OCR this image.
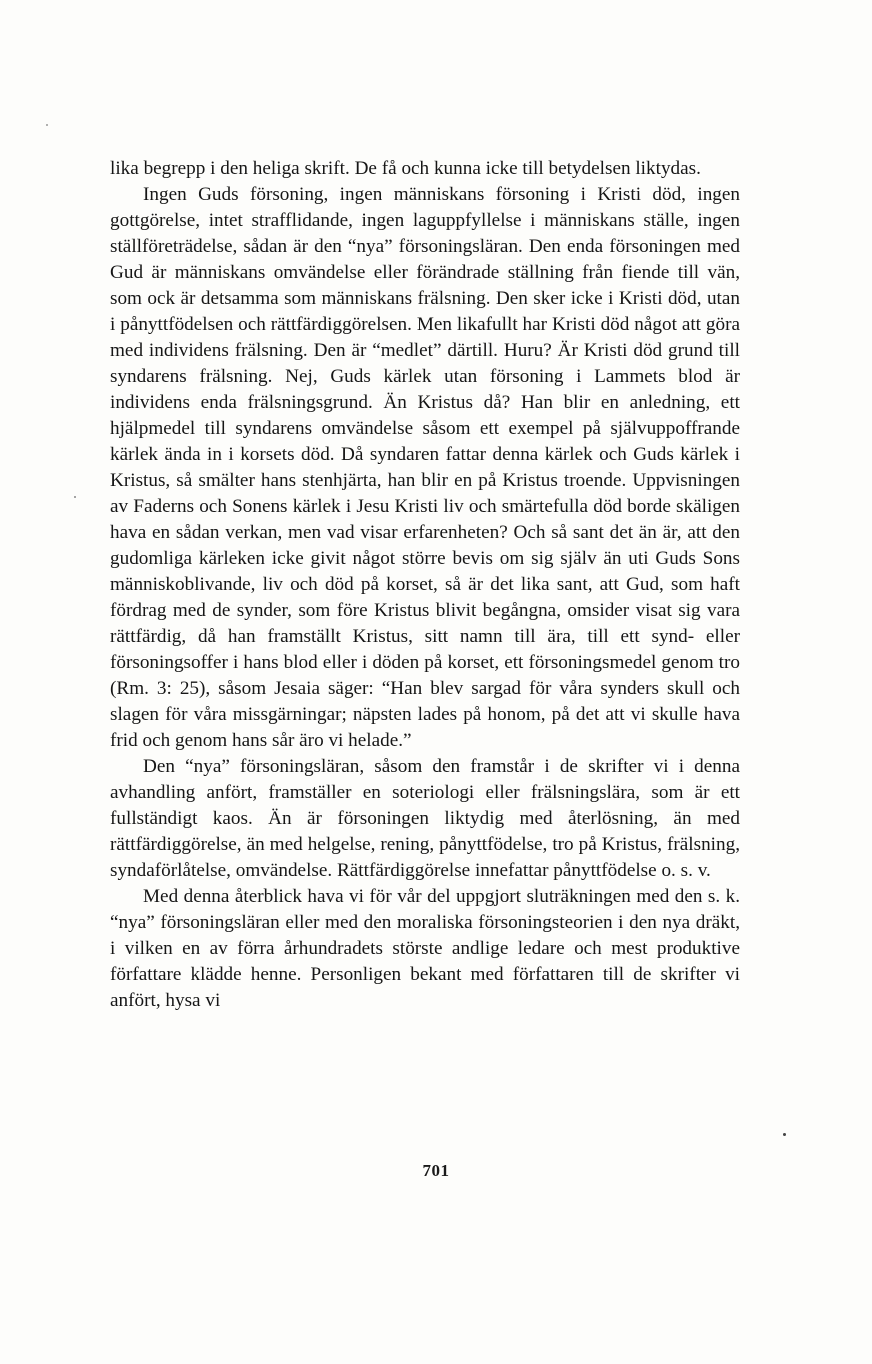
lika begrepp i den heliga skrift. De få och kunna icke till betydelsen liktydas.

Ingen Guds försoning, ingen människans försoning i Kristi död, ingen gottgörelse, intet strafflidande, ingen laguppfyllelse i människans ställe, ingen ställföreträdelse, sådan är den “nya” försoningsläran. Den enda försoningen med Gud är människans omvändelse eller förändrade ställning från fiende till vän, som ock är detsamma som människans frälsning. Den sker icke i Kristi död, utan i pånyttfödelsen och rättfärdiggörelsen. Men likafullt har Kristi död något att göra med individens frälsning. Den är “medlet” därtill. Huru? Är Kristi död grund till syndarens frälsning. Nej, Guds kärlek utan försoning i Lammets blod är individens enda frälsningsgrund. Än Kristus då? Han blir en anledning, ett hjälpmedel till syndarens omvändelse såsom ett exempel på självuppoffrande kärlek ända in i korsets död. Då syndaren fattar denna kärlek och Guds kärlek i Kristus, så smälter hans stenhjärta, han blir en på Kristus troende. Uppvisningen av Faderns och Sonens kärlek i Jesu Kristi liv och smärtefulla död borde skäligen hava en sådan verkan, men vad visar erfarenheten? Och så sant det än är, att den gudomliga kärleken icke givit något större bevis om sig själv än uti Guds Sons människoblivande, liv och död på korset, så är det lika sant, att Gud, som haft fördrag med de synder, som före Kristus blivit begångna, omsider visat sig vara rättfärdig, då han framställt Kristus, sitt namn till ära, till ett synd- eller försoningsoffer i hans blod eller i döden på korset, ett försoningsmedel genom tro (Rm. 3: 25), såsom Jesaia säger: “Han blev sargad för våra synders skull och slagen för våra missgärningar; näpsten lades på honom, på det att vi skulle hava frid och genom hans sår äro vi helade.”

Den “nya” försoningsläran, såsom den framstår i de skrifter vi i denna avhandling anfört, framställer en soteriologi eller frälsningslära, som är ett fullständigt kaos. Än är försoningen liktydig med återlösning, än med rättfärdiggörelse, än med helgelse, rening, pånyttfödelse, tro på Kristus, frälsning, syndaförlåtelse, omvändelse. Rättfärdiggörelse innefattar pånyttfödelse o. s. v.

Med denna återblick hava vi för vår del uppgjort sluträkningen med den s. k. “nya” försoningsläran eller med den moraliska försoningsteorien i den nya dräkt, i vilken en av förra århundradets störste andlige ledare och mest produktive författare klädde henne. Personligen bekant med författaren till de skrifter vi anfört, hysa vi

701
